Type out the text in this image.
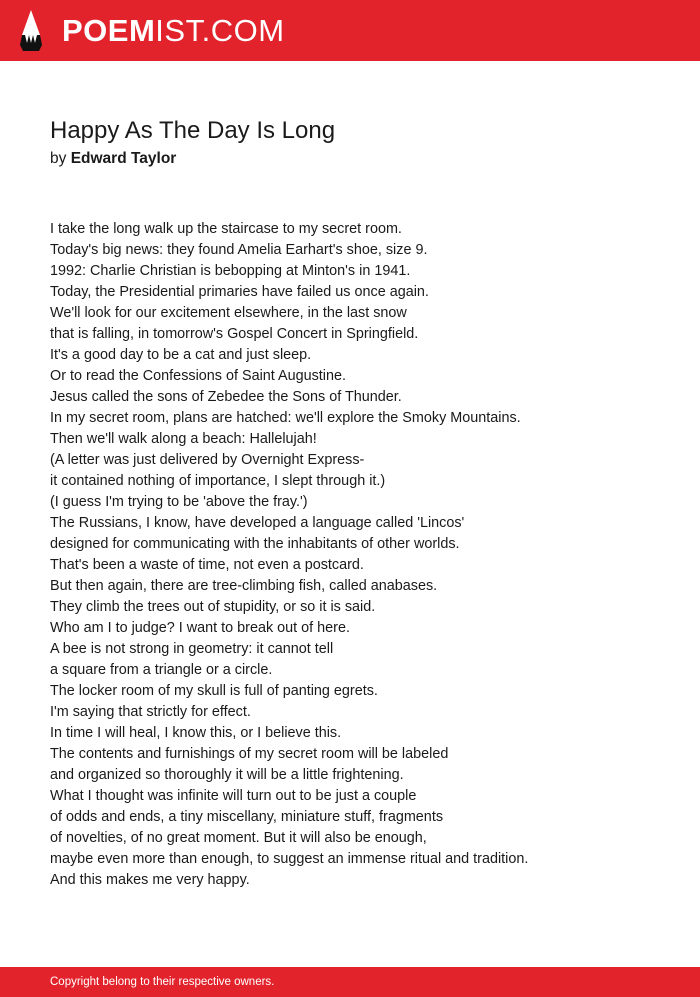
POEMIST.COM
Happy As The Day Is Long
by Edward Taylor
I take the long walk up the staircase to my secret room.
Today's big news: they found Amelia Earhart's shoe, size 9.
1992: Charlie Christian is bebopping at Minton's in 1941.
Today, the Presidential primaries have failed us once again.
We'll look for our excitement elsewhere, in the last snow
that is falling, in tomorrow's Gospel Concert in Springfield.
It's a good day to be a cat and just sleep.
Or to read the Confessions of Saint Augustine.
Jesus called the sons of Zebedee the Sons of Thunder.
In my secret room, plans are hatched: we'll explore the Smoky Mountains.
Then we'll walk along a beach: Hallelujah!
(A letter was just delivered by Overnight Express-
it contained nothing of importance, I slept through it.)
(I guess I'm trying to be 'above the fray.')
The Russians, I know, have developed a language called 'Lincos'
designed for communicating with the inhabitants of other worlds.
That's been a waste of time, not even a postcard.
But then again, there are tree-climbing fish, called anabases.
They climb the trees out of stupidity, or so it is said.
Who am I to judge? I want to break out of here.
A bee is not strong in geometry: it cannot tell
a square from a triangle or a circle.
The locker room of my skull is full of panting egrets.
I'm saying that strictly for effect.
In time I will heal, I know this, or I believe this.
The contents and furnishings of my secret room will be labeled
and organized so thoroughly it will be a little frightening.
What I thought was infinite will turn out to be just a couple
of odds and ends, a tiny miscellany, miniature stuff, fragments
of novelties, of no great moment. But it will also be enough,
maybe even more than enough, to suggest an immense ritual and tradition.
And this makes me very happy.
Copyright belong to their respective owners.
